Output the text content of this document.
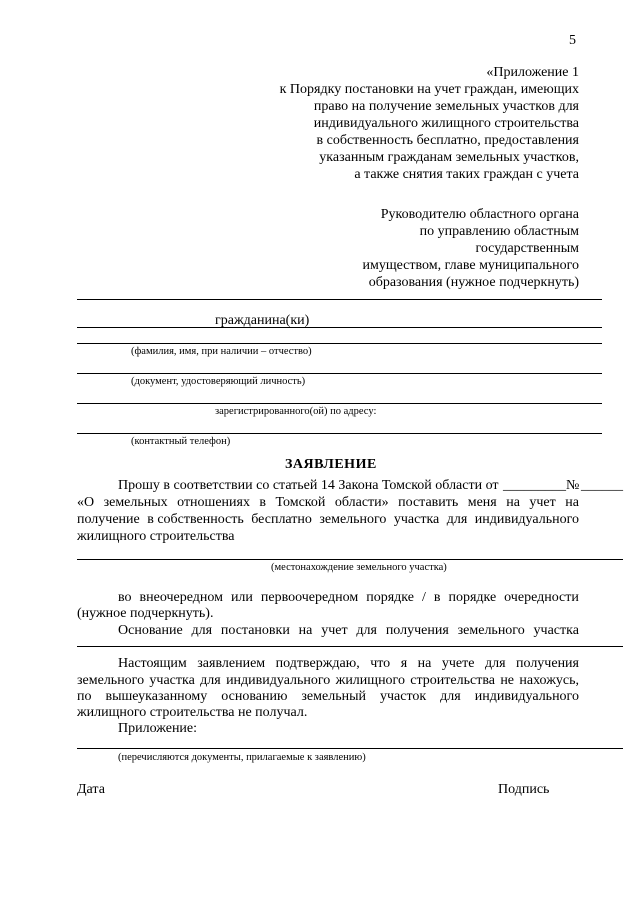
5
«Приложение 1
к Порядку постановки на учет граждан, имеющих
право на получение земельных участков для
индивидуального жилищного строительства
в собственность бесплатно, предоставления
указанным гражданам земельных участков,
а также снятия таких граждан с учета
Руководителю областного органа
по управлению областным
государственным
имуществом, главе муниципального
образования (нужное подчеркнуть)
гражданина(ки)
(фамилия, имя, при наличии – отчество)
(документ, удостоверяющий личность)
зарегистрированного(ой) по адресу:
(контактный телефон)
ЗАЯВЛЕНИЕ
Прошу в соответствии со статьей 14 Закона Томской области от _________ № ______
«О земельных отношениях в Томской области» поставить меня на учет на
получение в собственность бесплатно земельного участка для индивидуального
жилищного строительства
(местонахождение земельного участка)
во внеочередном или первоочередном порядке / в порядке очередности
(нужное подчеркнуть).
Основание для постановки на учет для получения земельного участка
Настоящим заявлением подтверждаю, что я на учете для получения
земельного участка для индивидуального жилищного строительства не нахожусь,
по вышеуказанному основанию земельный участок для индивидуального
жилищного строительства не получал.
Приложение:
(перечисляются документы, прилагаемые к заявлению)
Дата	Подпись
